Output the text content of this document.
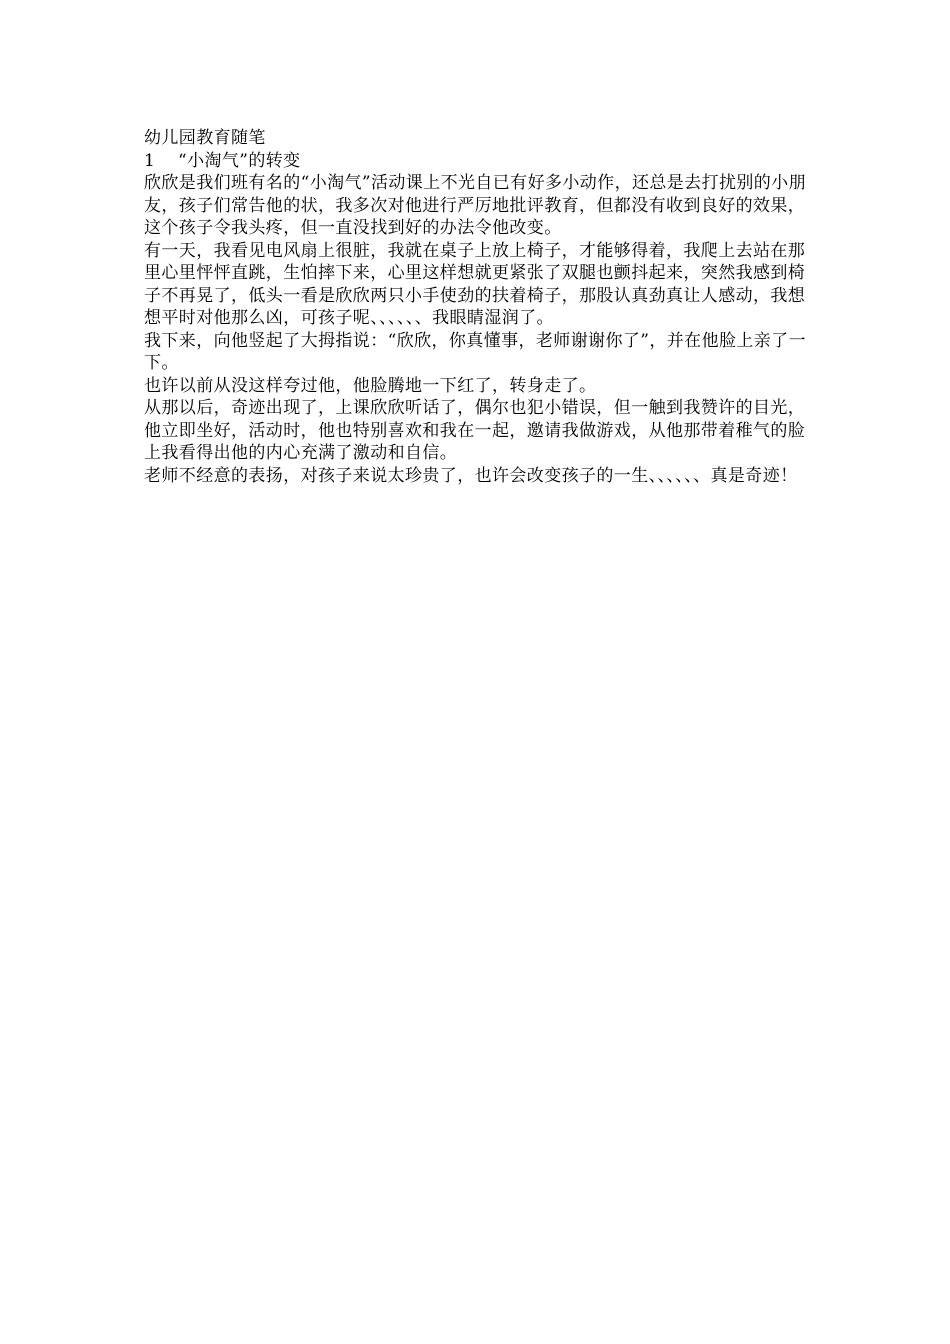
幼儿园教育随笔

1 “小淘气”的转变

欣欣是我们班有名的“小淘气”活动课上不光自已有好多小动作，还总是去打扰别的小朋友，孩子们常告他的状，我多次对他进行严厉地批评教育，但都没有收到良好的效果，这个孩子令我头疼，但一直没找到好的办法令他改变。

有一天，我看见电风扇上很脏，我就在桌子上放上椅子，才能够得着，我爬上去站在那里心里怦怦直跳，生怕摔下来，心里这样想就更紧张了双腿也颤抖起来，突然我感到椅子不再晃了，低头一看是欣欣两只小手使劲的扶着椅子，那股认真劲真让人感动，我想想平时对他那么凶，可孩子呢、、、、、、我眼睛湿润了。

我下来，向他竖起了大拇指说：“欣欣，你真懂事，老师谢谢你了”，并在他脸上亲了一下。

也许以前从没这样夸过他，他脸腾地一下红了，转身走了。

从那以后，奇迹出现了，上课欣欣听话了，偶尔也犯小错误，但一触到我赞许的目光，他立即坐好，活动时，他也特别喜欢和我在一起，邀请我做游戏，从他那带着稚气的脸上我看得出他的内心充满了激动和自信。

老师不经意的表扬，对孩子来说太珍贵了，也许会改变孩子的一生、、、、、、真是奇迹！
